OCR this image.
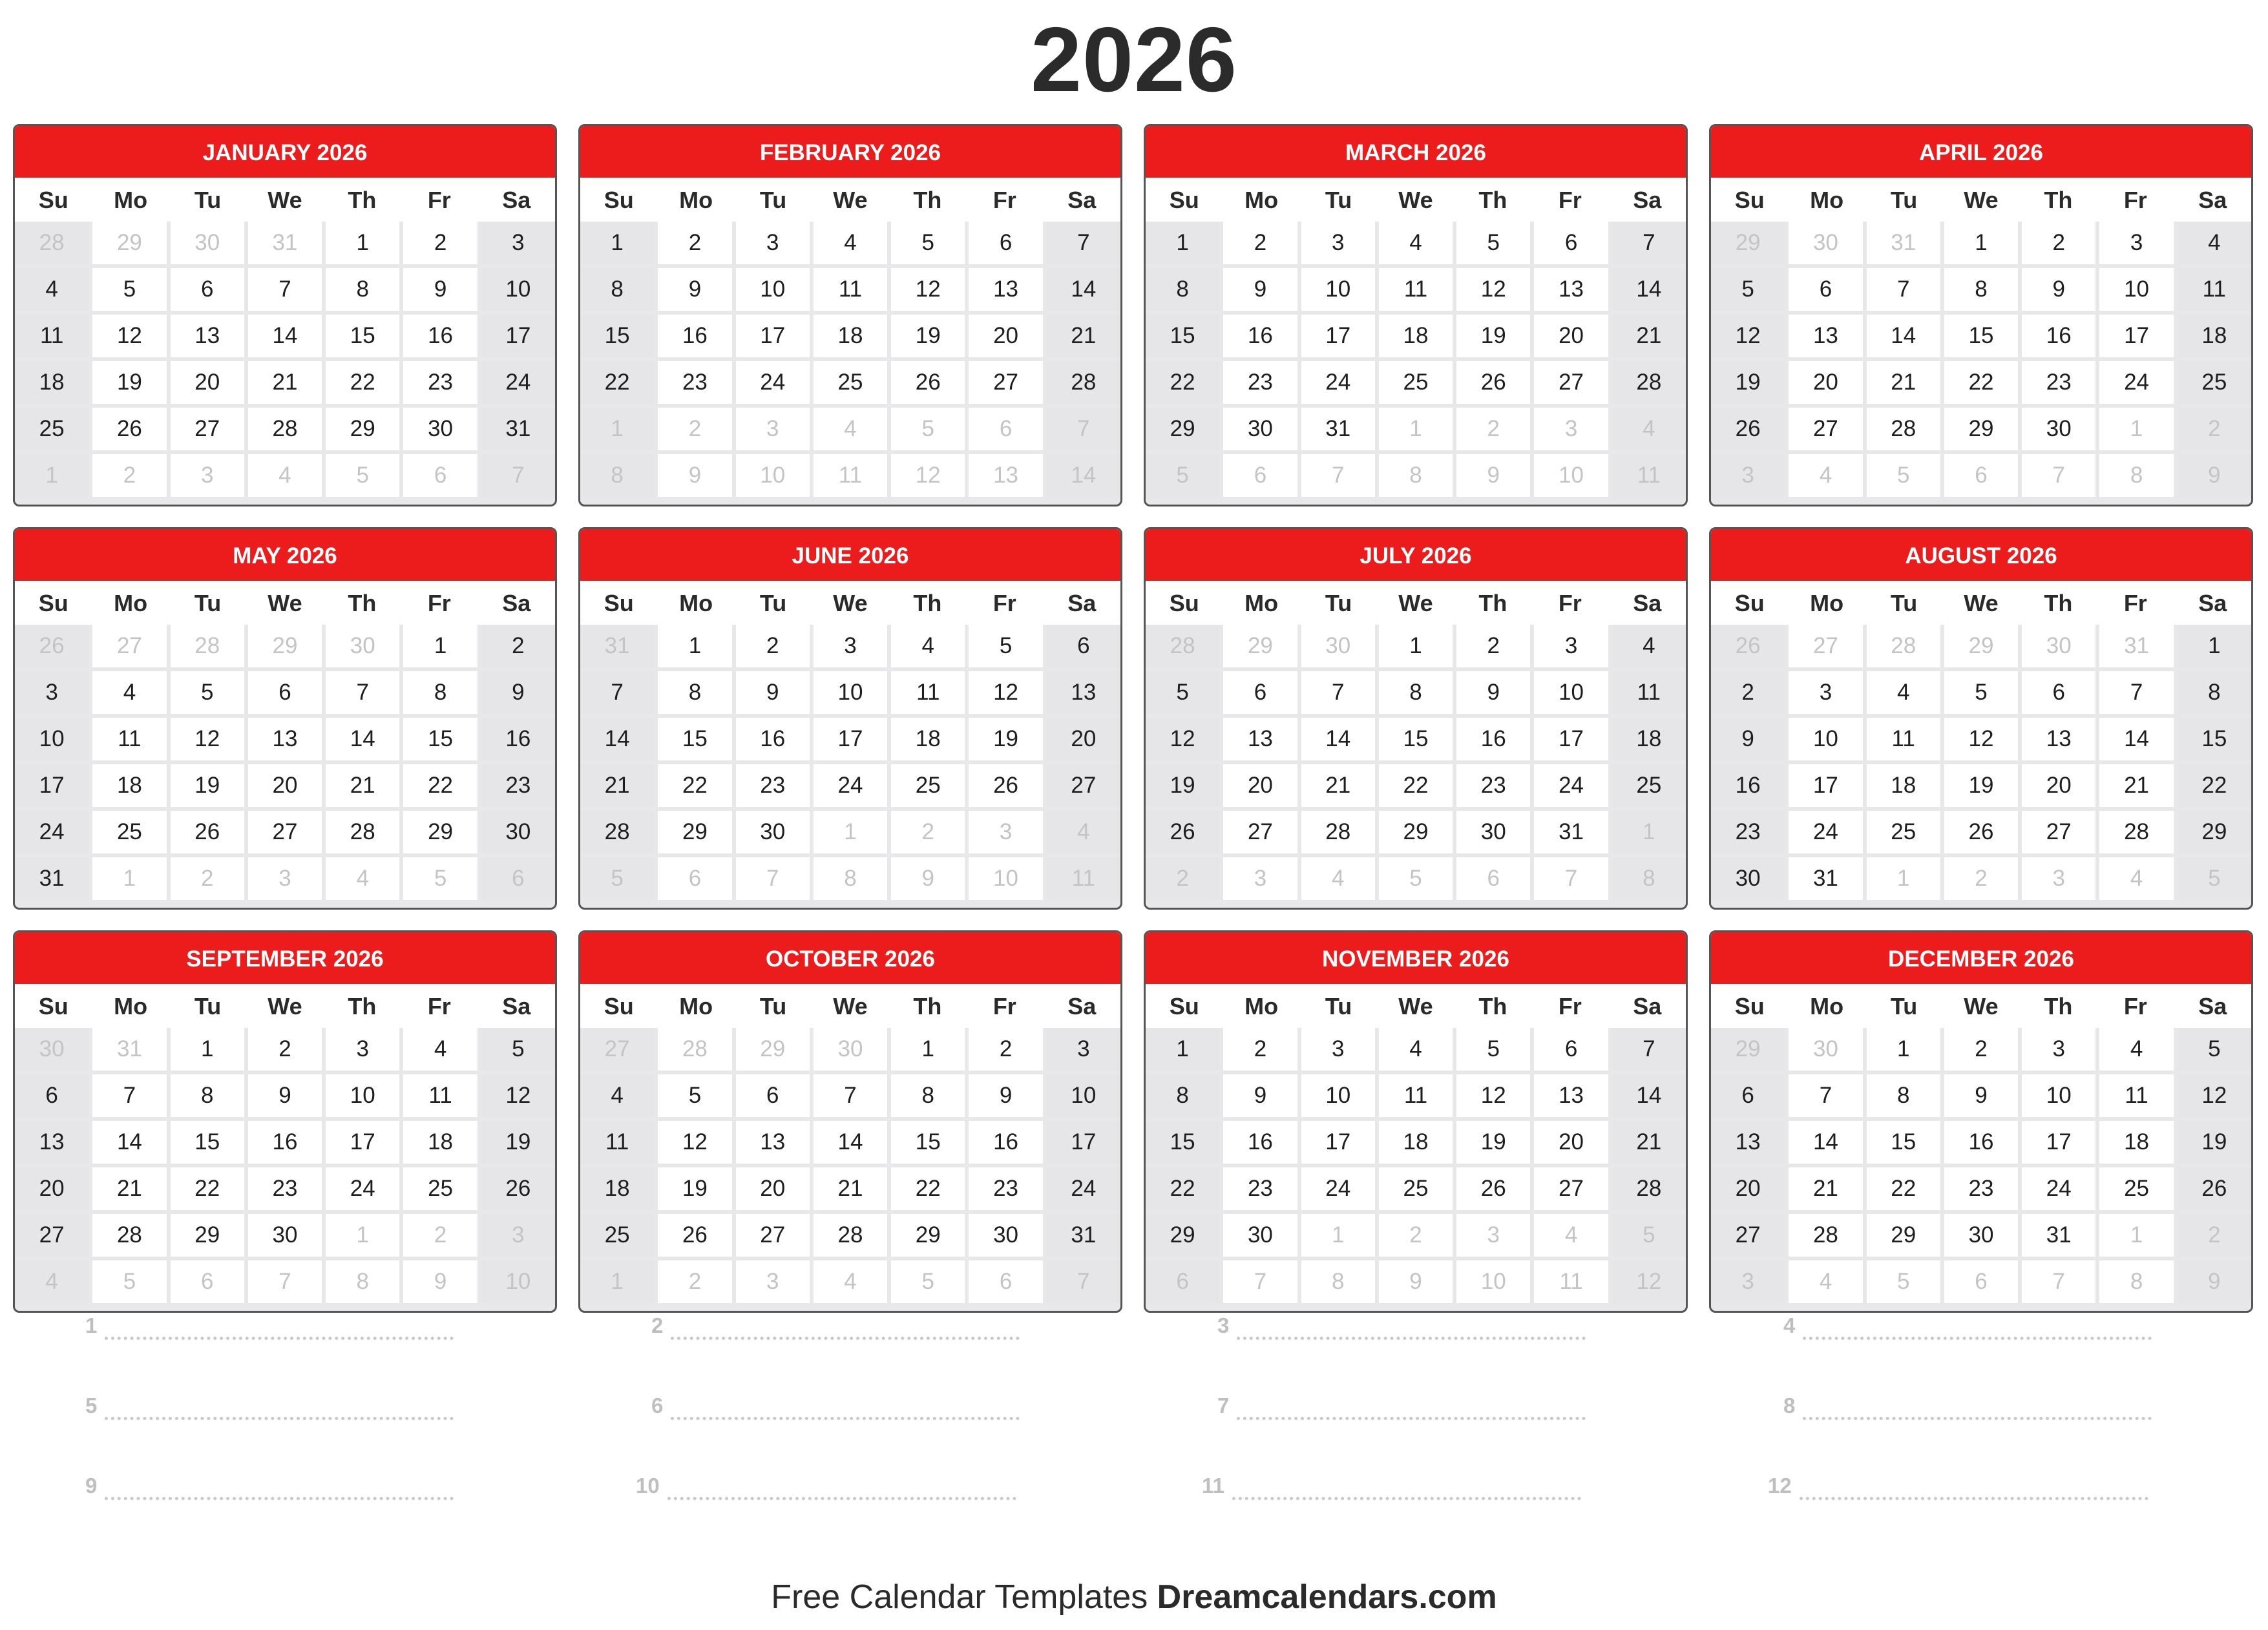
2026
JANUARY 2026
Su	Mo	Tu	We	Th	Fr	Sa
28	29	30	31	1	2	3
4	5	6	7	8	9	10
11	12	13	14	15	16	17
18	19	20	21	22	23	24
25	26	27	28	29	30	31
1	2	3	4	5	6	7
FEBRUARY 2026
Su	Mo	Tu	We	Th	Fr	Sa
1	2	3	4	5	6	7
8	9	10	11	12	13	14
15	16	17	18	19	20	21
22	23	24	25	26	27	28
1	2	3	4	5	6	7
8	9	10	11	12	13	14
MARCH 2026
Su	Mo	Tu	We	Th	Fr	Sa
1	2	3	4	5	6	7
8	9	10	11	12	13	14
15	16	17	18	19	20	21
22	23	24	25	26	27	28
29	30	31	1	2	3	4
5	6	7	8	9	10	11
APRIL 2026
Su	Mo	Tu	We	Th	Fr	Sa
29	30	31	1	2	3	4
5	6	7	8	9	10	11
12	13	14	15	16	17	18
19	20	21	22	23	24	25
26	27	28	29	30	1	2
3	4	5	6	7	8	9
MAY 2026
Su	Mo	Tu	We	Th	Fr	Sa
26	27	28	29	30	1	2
3	4	5	6	7	8	9
10	11	12	13	14	15	16
17	18	19	20	21	22	23
24	25	26	27	28	29	30
31	1	2	3	4	5	6
JUNE 2026
Su	Mo	Tu	We	Th	Fr	Sa
31	1	2	3	4	5	6
7	8	9	10	11	12	13
14	15	16	17	18	19	20
21	22	23	24	25	26	27
28	29	30	1	2	3	4
5	6	7	8	9	10	11
JULY 2026
Su	Mo	Tu	We	Th	Fr	Sa
28	29	30	1	2	3	4
5	6	7	8	9	10	11
12	13	14	15	16	17	18
19	20	21	22	23	24	25
26	27	28	29	30	31	1
2	3	4	5	6	7	8
AUGUST 2026
Su	Mo	Tu	We	Th	Fr	Sa
26	27	28	29	30	31	1
2	3	4	5	6	7	8
9	10	11	12	13	14	15
16	17	18	19	20	21	22
23	24	25	26	27	28	29
30	31	1	2	3	4	5
SEPTEMBER 2026
Su	Mo	Tu	We	Th	Fr	Sa
30	31	1	2	3	4	5
6	7	8	9	10	11	12
13	14	15	16	17	18	19
20	21	22	23	24	25	26
27	28	29	30	1	2	3
4	5	6	7	8	9	10
OCTOBER 2026
Su	Mo	Tu	We	Th	Fr	Sa
27	28	29	30	1	2	3
4	5	6	7	8	9	10
11	12	13	14	15	16	17
18	19	20	21	22	23	24
25	26	27	28	29	30	31
1	2	3	4	5	6	7
NOVEMBER 2026
Su	Mo	Tu	We	Th	Fr	Sa
1	2	3	4	5	6	7
8	9	10	11	12	13	14
15	16	17	18	19	20	21
22	23	24	25	26	27	28
29	30	1	2	3	4	5
6	7	8	9	10	11	12
DECEMBER 2026
Su	Mo	Tu	We	Th	Fr	Sa
29	30	1	2	3	4	5
6	7	8	9	10	11	12
13	14	15	16	17	18	19
20	21	22	23	24	25	26
27	28	29	30	31	1	2
3	4	5	6	7	8	9
1	2	3	4
5	6	7	8
9	10	11	12
Free Calendar Templates Dreamcalendars.com
